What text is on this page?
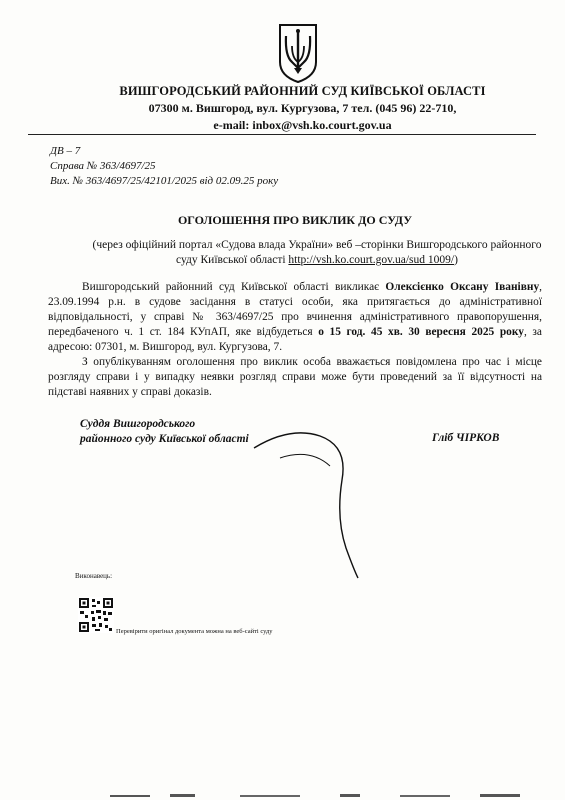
ВИШГОРОДСЬКИЙ РАЙОННИЙ СУД КИЇВСЬКОЇ ОБЛАСТІ
07300 м. Вишгород, вул. Кургузова, 7 тел. (045 96) 22-710,
e-mail: inbox@vsh.ko.court.gov.ua
ДВ – 7
Справа № 363/4697/25
Вих. № 363/4697/25/42101/2025 від 02.09.25 року
ОГОЛОШЕННЯ ПРО ВИКЛИК ДО СУДУ
(через офіційний портал «Судова влада України» веб –сторінки Вишгородського районного суду Київської області http://vsh.ko.court.gov.ua/sud 1009/)

Вишгородський районний суд Київської області викликає Олексієнко Оксану Іванівну, 23.09.1994 р.н. в судове засідання в статусі особи, яка притягається до адміністративної відповідальності, у справі № 363/4697/25 про вчинення адміністративного правопорушення, передбаченого ч. 1 ст. 184 КУпАП, яке відбудеться о 15 год. 45 хв. 30 вересня 2025 року, за адресою: 07301, м. Вишгород, вул. Кургузова, 7.

З опублікуванням оголошення про виклик особа вважається повідомлена про час і місце розгляду справи і у випадку неявки розгляд справи може бути проведений за її відсутності на підставі наявних у справі доказів.

Суддя Вишгородського
районного суду Київської області	Гліб ЧІРКОВ
Виконавець:
Перевірити оригінал документа можна на веб-сайті суду
